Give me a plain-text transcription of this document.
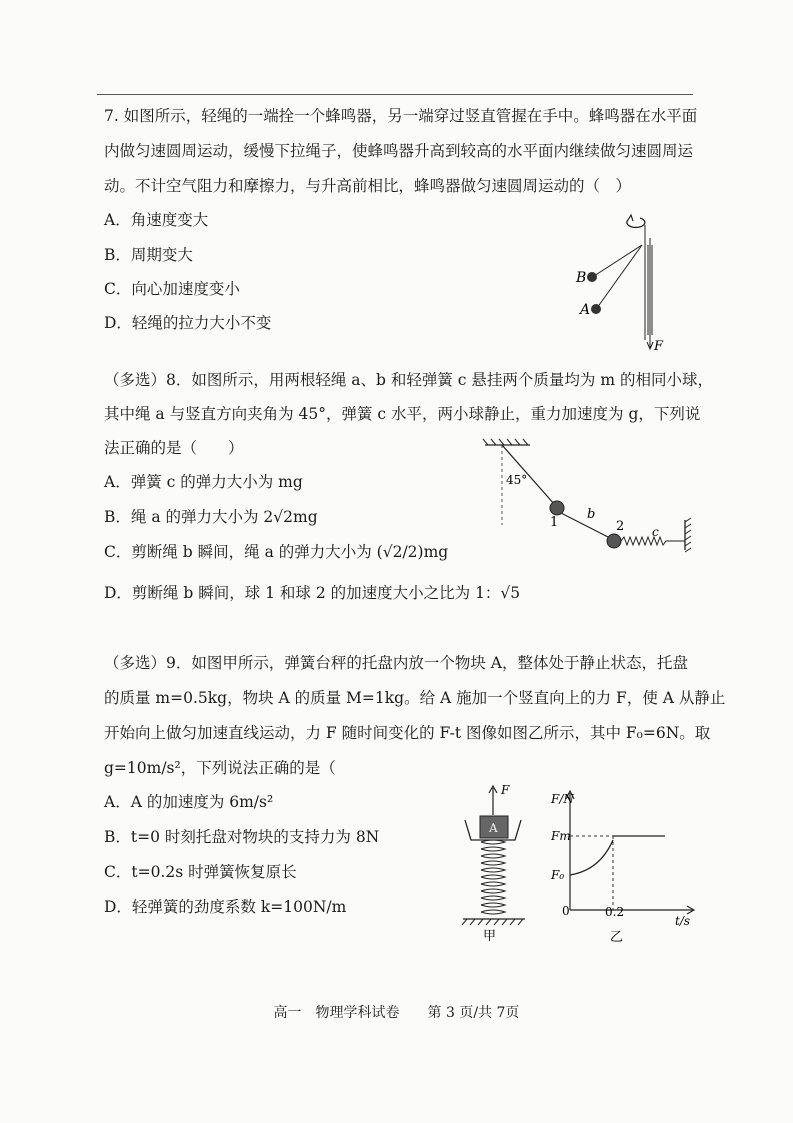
7. 如图所示，轻绳的一端拴一个蜂鸣器，另一端穿过竖直管握在手中。蜂鸣器在水平面
内做匀速圆周运动，缓慢下拉绳子，使蜂鸣器升高到较高的水平面内继续做匀速圆周运
动。不计空气阻力和摩擦力，与升高前相比，蜂鸣器做匀速圆周运动的（　）
A．角速度变大
B．周期变大
C．向心加速度变小
D．轻绳的拉力大小不变
B
A
F
（多选）8．如图所示，用两根轻绳 a、b 和轻弹簧 c 悬挂两个质量均为 m 的相同小球，
其中绳 a 与竖直方向夹角为 45°，弹簧 c 水平，两小球静止，重力加速度为 g，下列说
法正确的是（　　）
A．弹簧 c 的弹力大小为 mg
B．绳 a 的弹力大小为 2√2mg
C．剪断绳 b 瞬间，绳 a 的弹力大小为 (√2/2)mg
D．剪断绳 b 瞬间，球 1 和球 2 的加速度大小之比为 1：√5
45°
1	2
b
c
（多选）9．如图甲所示，弹簧台秤的托盘内放一个物块 A，整体处于静止状态，托盘
的质量 m=0.5kg，物块 A 的质量 M=1kg。给 A 施加一个竖直向上的力 F，使 A 从静止
开始向上做匀加速直线运动，力 F 随时间变化的 F-t 图像如图乙所示，其中 F₀=6N。取
g=10m/s²，下列说法正确的是（
A．A 的加速度为 6m/s²
B．t=0 时刻托盘对物块的支持力为 8N
C．t=0.2s 时弹簧恢复原长
D．轻弹簧的劲度系数 k=100N/m
A
F
甲
F/N
t/s
Fm
F₀
0	0.2
乙
高一　物理学科试卷　　第 3 页/共 7页
